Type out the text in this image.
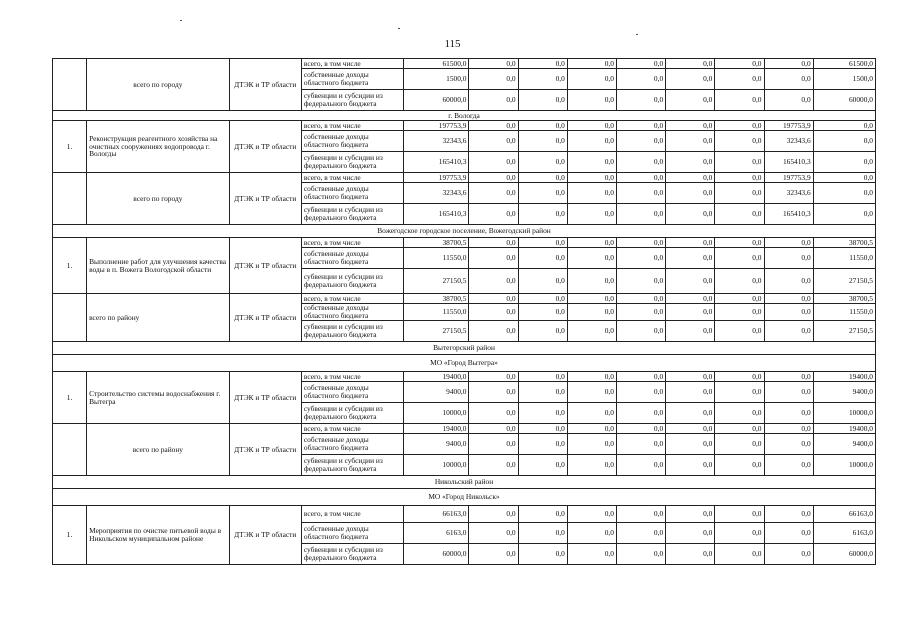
115
	всего по городу	ДТЭК и ТР области	всего, в том числе	61500,0	0,0	0,0	0,0	0,0	0,0	0,0	0,0	61500,0
			собственные доходы областного бюджета	1500,0	0,0	0,0	0,0	0,0	0,0	0,0	0,0	1500,0
			субвенции и субсидии из федерального бюджета	60000,0	0,0	0,0	0,0	0,0	0,0	0,0	0,0	60000,0
г. Вологда												
1.	Реконструкция реагентного хозяйства на очистных сооружениях водопровода г. Вологды	ДТЭК и ТР области	всего, в том числе	197753,9	0,0	0,0	0,0	0,0	0,0	0,0	197753,9	0,0
			собственные доходы областного бюджета	32343,6	0,0	0,0	0,0	0,0	0,0	0,0	32343,6	0,0
			субвенции и субсидии из федерального бюджета	165410,3	0,0	0,0	0,0	0,0	0,0	0,0	165410,3	0,0
	всего по городу	ДТЭК и ТР области	всего, в том числе	197753,9	0,0	0,0	0,0	0,0	0,0	0,0	197753,9	0,0
			собственные доходы областного бюджета	32343,6	0,0	0,0	0,0	0,0	0,0	0,0	32343,6	0,0
			субвенции и субсидии из федерального бюджета	165410,3	0,0	0,0	0,0	0,0	0,0	0,0	165410,3	0,0
Вожегодское городское поселение, Вожегодский район												
1.	Выполнение работ для улучшения качества воды в п. Вожега Вологодской области	ДТЭК и ТР области	всего, в том числе	38700,5	0,0	0,0	0,0	0,0	0,0	0,0	0,0	38700,5
			собственные доходы областного бюджета	11550,0	0,0	0,0	0,0	0,0	0,0	0,0	0,0	11550,0
			субвенции и субсидии из федерального бюджета	27150,5	0,0	0,0	0,0	0,0	0,0	0,0	0,0	27150,5
	всего по району	ДТЭК и ТР области	всего, в том числе	38700,5	0,0	0,0	0,0	0,0	0,0	0,0	0,0	38700,5
			собственные доходы областного бюджета	11550,0	0,0	0,0	0,0	0,0	0,0	0,0	0,0	11550,0
			субвенции и субсидии из федерального бюджета	27150,5	0,0	0,0	0,0	0,0	0,0	0,0	0,0	27150,5
Вытегорский район												
МО «Город Вытегра»												
1.	Строительство системы водоснабжения г. Вытегра	ДТЭК и ТР области	всего, в том числе	19400,0	0,0	0,0	0,0	0,0	0,0	0,0	0,0	19400,0
			собственные доходы областного бюджета	9400,0	0,0	0,0	0,0	0,0	0,0	0,0	0,0	9400,0
			субвенции и субсидии из федерального бюджета	10000,0	0,0	0,0	0,0	0,0	0,0	0,0	0,0	10000,0
	всего по району	ДТЭК и ТР области	всего, в том числе	19400,0	0,0	0,0	0,0	0,0	0,0	0,0	0,0	19400,0
			собственные доходы областного бюджета	9400,0	0,0	0,0	0,0	0,0	0,0	0,0	0,0	9400,0
			субвенции и субсидии из федерального бюджета	10000,0	0,0	0,0	0,0	0,0	0,0	0,0	0,0	10000,0
Никольский район												
МО «Город Никольск»												
1.	Мероприятия по очистке питьевой воды в Никольском муниципальном районе	ДТЭК и ТР области	всего, в том числе	66163,0	0,0	0,0	0,0	0,0	0,0	0,0	0,0	66163,0
			собственные доходы областного бюджета	6163,0	0,0	0,0	0,0	0,0	0,0	0,0	0,0	6163,0
			субвенции и субсидии из федерального бюджета	60000,0	0,0	0,0	0,0	0,0	0,0	0,0	0,0	60000,0
